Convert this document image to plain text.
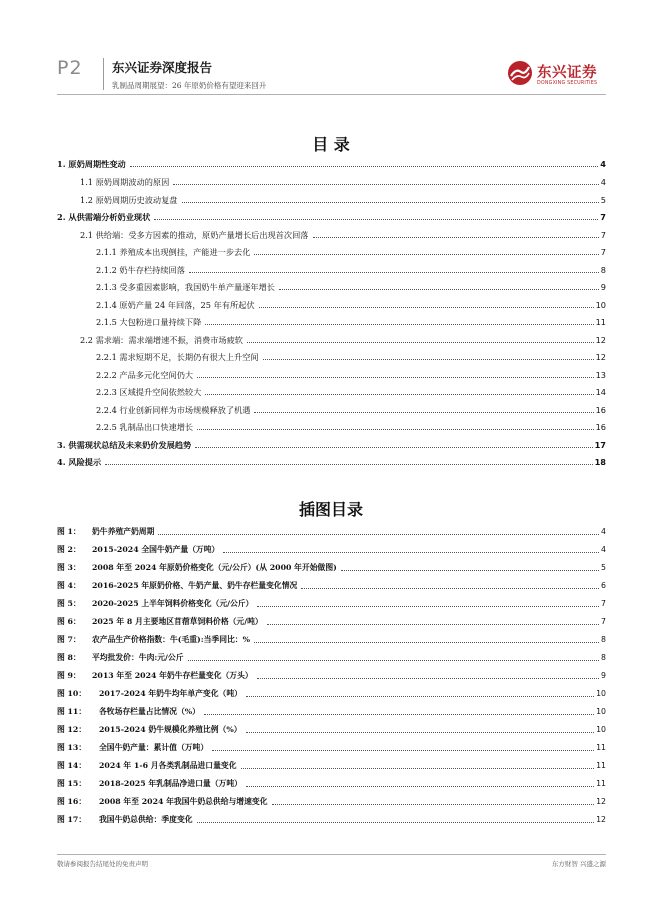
P2 东兴证券深度报告
乳制品周期展望：26 年原奶价格有望迎来回升
东兴证券
DONGXING SECURITIES
目 录
1. 原奶周期性变动	4
1.1 原奶周期波动的原因	4
1.2 原奶周期历史波动复盘	5
2. 从供需端分析奶业现状	7
2.1 供给端：受多方因素的推动，原奶产量增长后出现首次回落	7
2.1.1 养殖成本出现倒挂，产能进一步去化	7
2.1.2 奶牛存栏持续回落	8
2.1.3 受多重因素影响，我国奶牛单产量逐年增长	9
2.1.4 原奶产量 24 年回落，25 年有所起伏	10
2.1.5 大包粉进口量持续下降	11
2.2 需求端：需求端增速不振，消费市场疲软	12
2.2.1 需求短期不足，长期仍有很大上升空间	12
2.2.2 产品多元化空间仍大	13
2.2.3 区域提升空间依然较大	14
2.2.4 行业创新同样为市场规模释放了机遇	16
2.2.5 乳制品出口快速增长	16
3. 供需现状总结及未来奶价发展趋势	17
4. 风险提示	18
插图目录
图 1：	奶牛养殖产奶周期	4
图 2：	2015-2024 全国牛奶产量（万吨）	4
图 3：	2008 年至 2024 年原奶价格变化（元/公斤）(从 2000 年开始做图)	5
图 4：	2016-2025 年原奶价格、牛奶产量、奶牛存栏量变化情况	6
图 5：	2020-2025 上半年饲料价格变化（元/公斤）	7
图 6：	2025 年 8 月主要地区苜蓿草饲料价格（元/吨）	7
图 7：	农产品生产价格指数：牛(毛重):当季同比：%	8
图 8：	平均批发价：牛肉:元/公斤	8
图 9：	2013 年至 2024 年奶牛存栏量变化（万头）	9
图 10：	2017-2024 年奶牛均年单产变化（吨）	10
图 11：	各牧场存栏量占比情况（%）	10
图 12：	2015-2024 奶牛规模化养殖比例（%）	10
图 13：	全国牛奶产量：累计值（万吨）	11
图 14：	2024 年 1-6 月各类乳制品进口量变化	11
图 15：	2018-2025 年乳制品净进口量（万吨）	11
图 16：	2008 年至 2024 年我国牛奶总供给与增速变化	12
图 17：	我国牛奶总供给：季度变化	12
敬请参阅报告结尾处的免责声明	东方财智 兴盛之源
